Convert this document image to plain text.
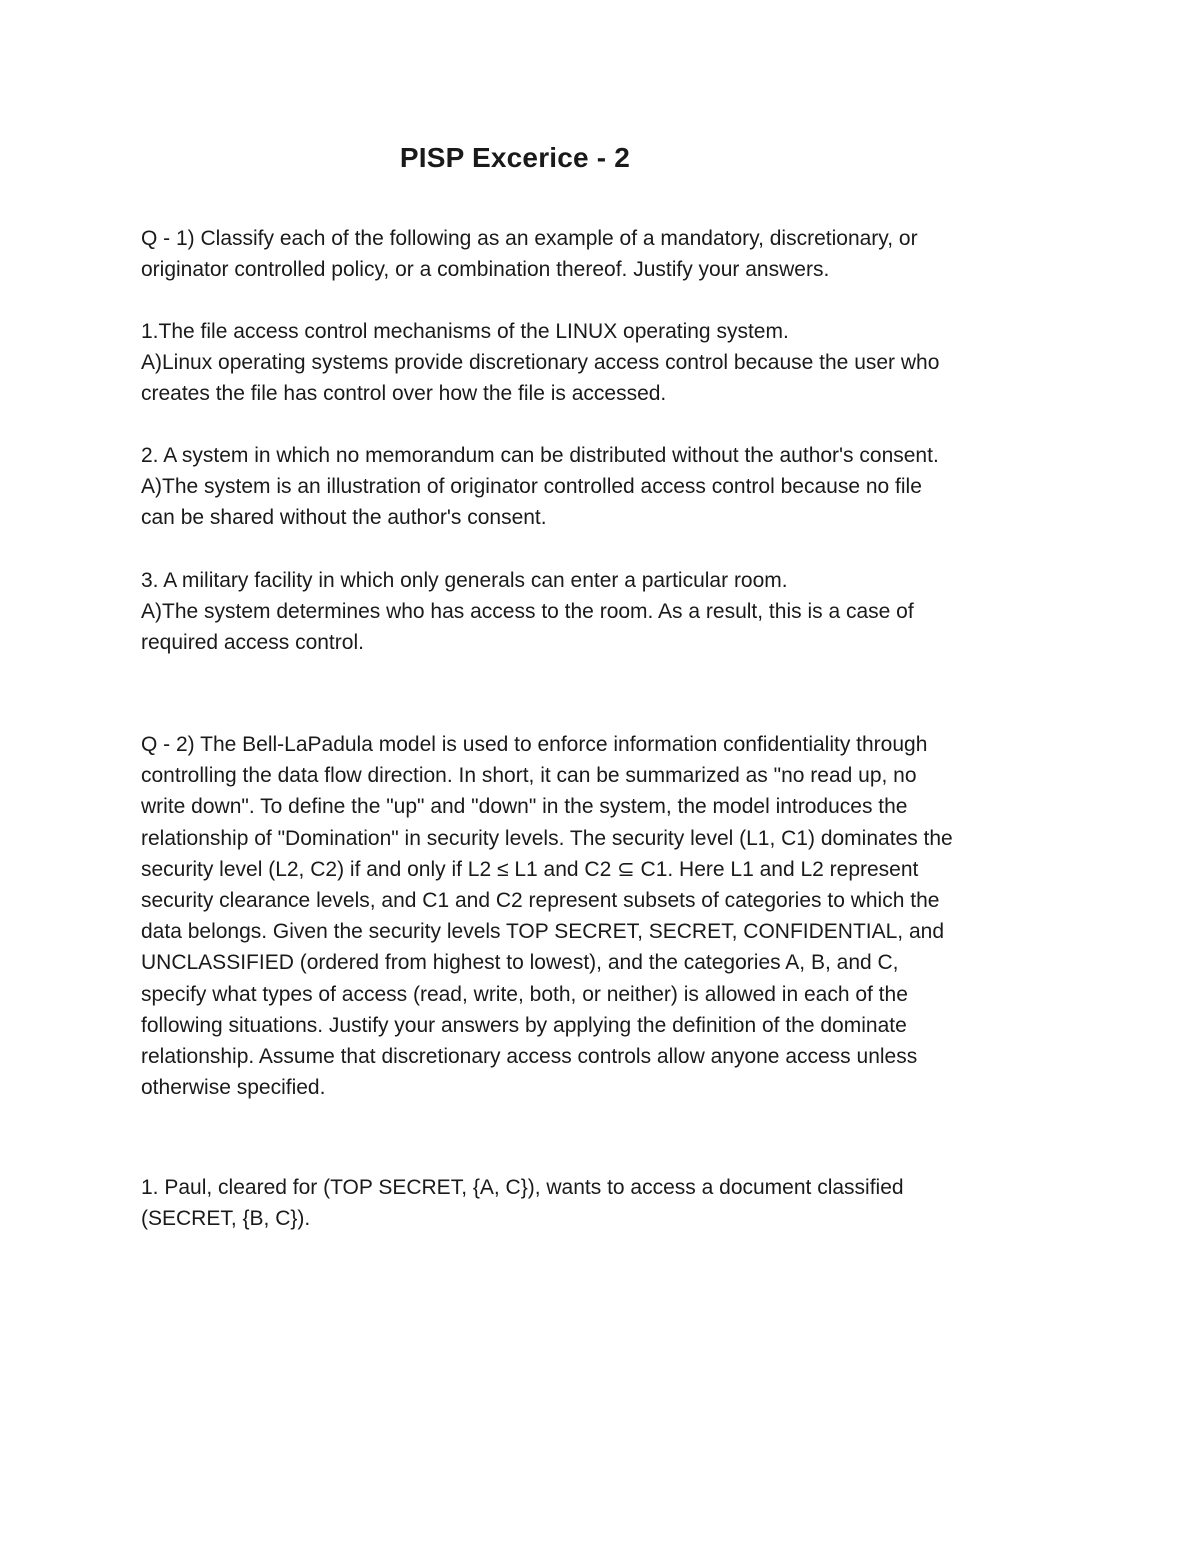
PISP Excerice - 2

Q - 1) Classify each of the following as an example of a mandatory, discretionary, or

originator controlled policy, or a combination thereof. Justify your answers.

1.The file access control mechanisms of the LINUX operating system.

A)Linux operating systems provide discretionary access control because the user who

creates the file has control over how the file is accessed.

2. A system in which no memorandum can be distributed without the author's consent.

A)The system is an illustration of originator controlled access control because no file

can be shared without the author's consent.

3. A military facility in which only generals can enter a particular room.

A)The system determines who has access to the room. As a result, this is a case of

required access control.

Q - 2) The Bell-LaPadula model is used to enforce information confidentiality through

controlling the data flow direction. In short, it can be summarized as "no read up, no

write down". To define the "up" and "down" in the system, the model introduces the

relationship of "Domination" in security levels. The security level (L1, C1) dominates the

security level (L2, C2) if and only if L2 ≤ L1 and C2 ⊆ C1. Here L1 and L2 represent

security clearance levels, and C1 and C2 represent subsets of categories to which the

data belongs. Given the security levels TOP SECRET, SECRET, CONFIDENTIAL, and

UNCLASSIFIED (ordered from highest to lowest), and the categories A, B, and C,

specify what types of access (read, write, both, or neither) is allowed in each of the

following situations. Justify your answers by applying the definition of the dominate

relationship. Assume that discretionary access controls allow anyone access unless

otherwise specified.

1. Paul, cleared for (TOP SECRET, {A, C}), wants to access a document classified

(SECRET, {B, C}).
